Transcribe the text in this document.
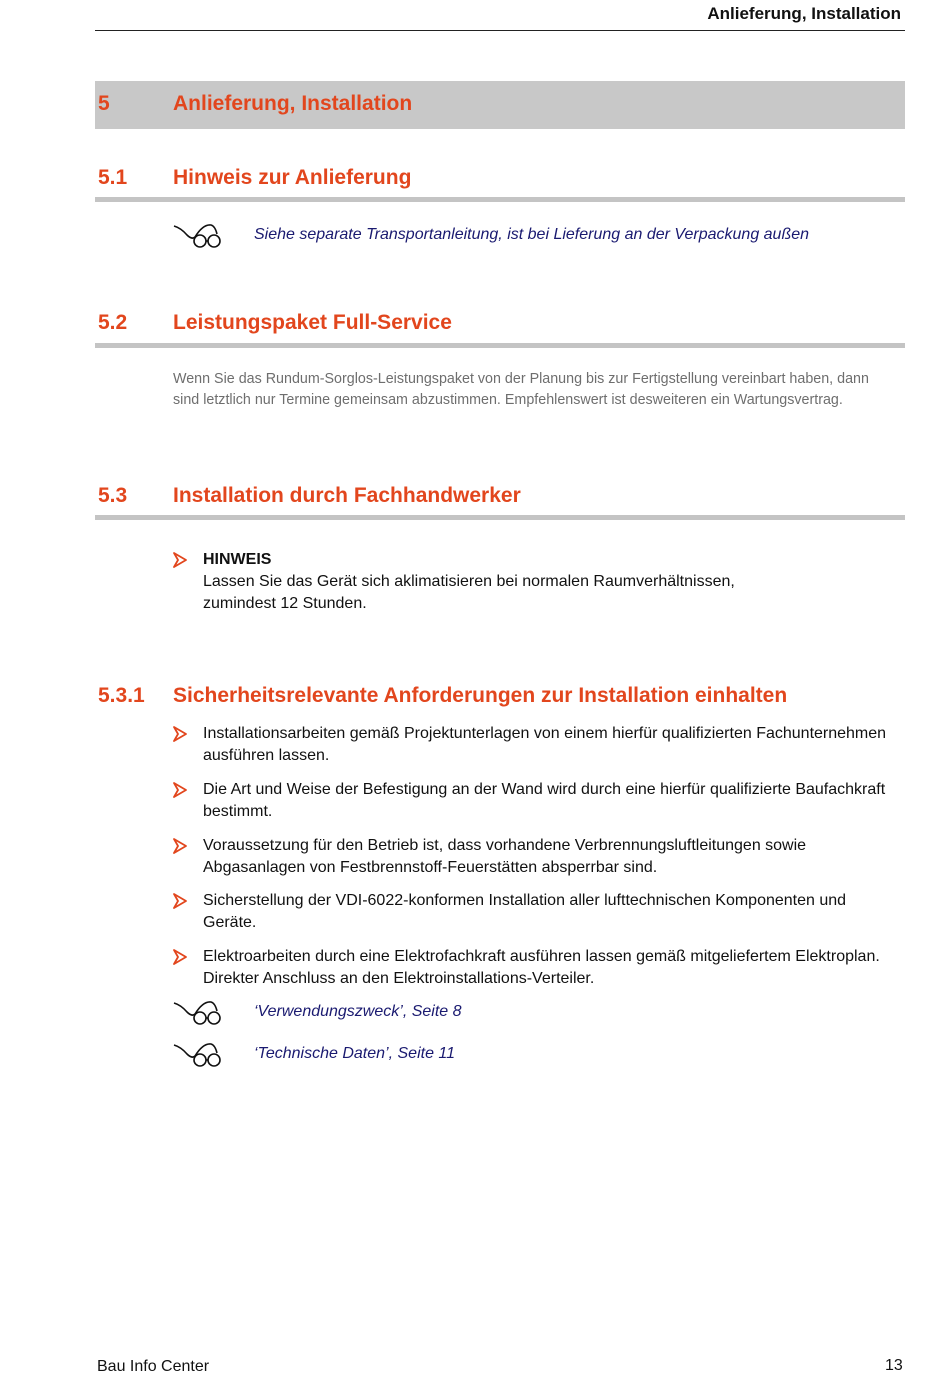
Anlieferung, Installation
5	Anlieferung, Installation
5.1 Hinweis zur Anlieferung
Siehe separate Transportanleitung, ist bei Lieferung an der Verpackung außen
5.2 Leistungspaket Full-Service
Wenn Sie das Rundum-Sorglos-Leistungspaket von der Planung bis zur Fertigstellung vereinbart haben, dann sind letztlich nur Termine gemeinsam abzustimmen. Empfehlenswert ist desweiteren ein Wartungsvertrag.
5.3 Installation durch Fachhandwerker
HINWEIS
Lassen Sie das Gerät sich aklimatisieren bei normalen Raumverhältnissen, zumindest 12 Stunden.
5.3.1 Sicherheitsrelevante Anforderungen zur Installation einhalten
Installationsarbeiten gemäß Projektunterlagen von einem hierfür qualifizierten Fachunternehmen ausführen lassen.
Die Art und Weise der Befestigung an der Wand wird durch eine hierfür qualifizierte Baufachkraft bestimmt.
Voraussetzung für den Betrieb ist, dass vorhandene Verbrennungsluftleitungen sowie Abgasanlagen von Festbrennstoff-Feuerstätten absperrbar sind.
Sicherstellung der VDI-6022-konformen Installation aller lufttechnischen Komponenten und Geräte.
Elektroarbeiten durch eine Elektrofachkraft ausführen lassen gemäß mitgeliefertem Elektroplan. Direkter Anschluss an den Elektroinstallations-Verteiler.
‘Verwendungszweck’, Seite 8
‘Technische Daten’, Seite 11
Bau Info Center	13
